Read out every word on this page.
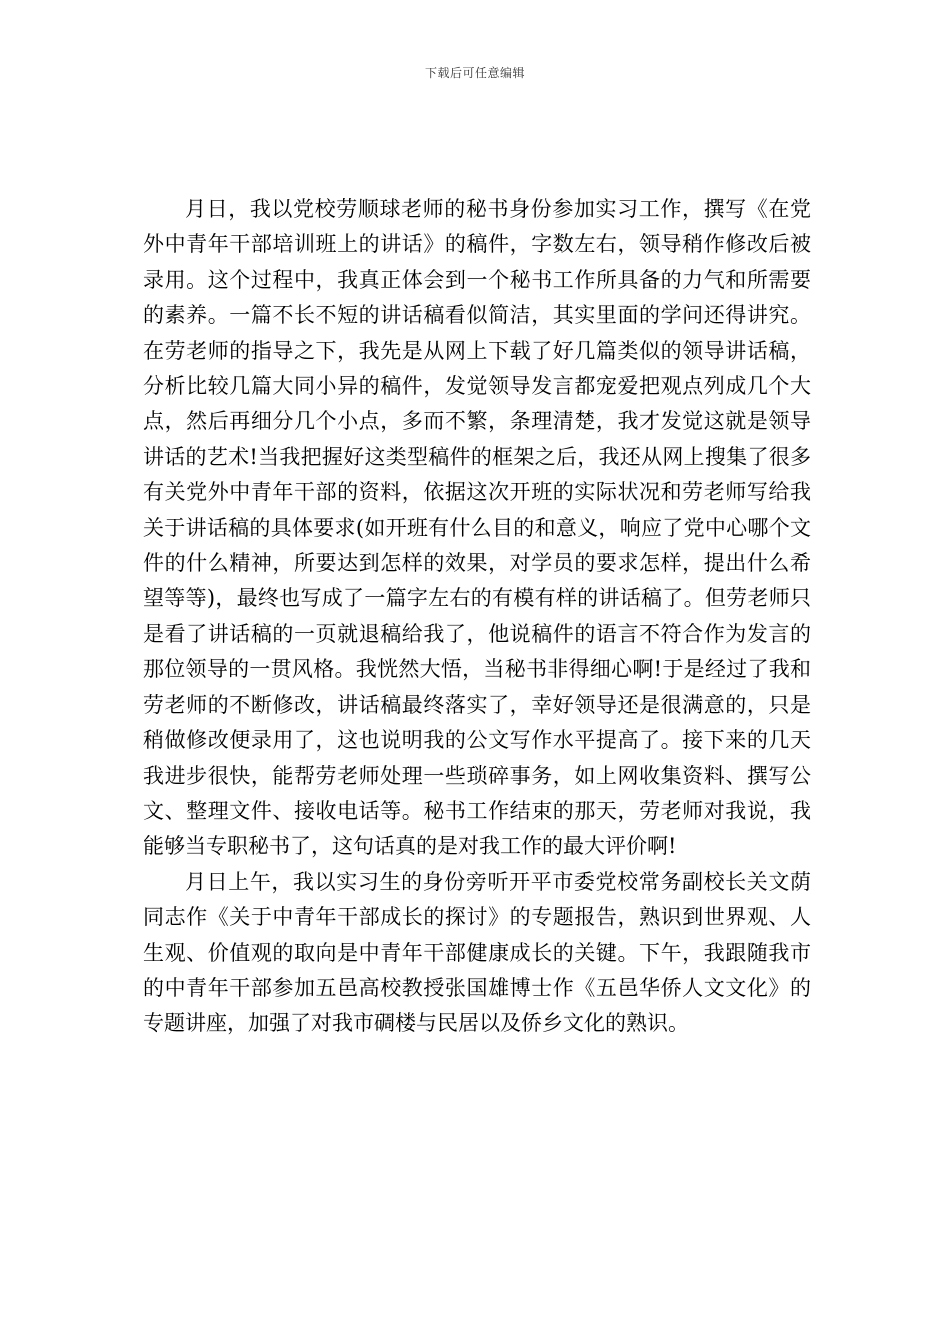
下载后可任意编辑

月日，我以党校劳顺球老师的秘书身份参加实习工作，撰写《在党外中青年干部培训班上的讲话》的稿件，字数左右，领导稍作修改后被录用。这个过程中，我真正体会到一个秘书工作所具备的力气和所需要的素养。一篇不长不短的讲话稿看似简洁，其实里面的学问还得讲究。在劳老师的指导之下，我先是从网上下载了好几篇类似的领导讲话稿，分析比较几篇大同小异的稿件，发觉领导发言都宠爱把观点列成几个大点，然后再细分几个小点，多而不繁，条理清楚，我才发觉这就是领导讲话的艺术!当我把握好这类型稿件的框架之后，我还从网上搜集了很多有关党外中青年干部的资料，依据这次开班的实际状况和劳老师写给我关于讲话稿的具体要求(如开班有什么目的和意义，响应了党中心哪个文件的什么精神，所要达到怎样的效果，对学员的要求怎样，提出什么希望等等)，最终也写成了一篇字左右的有模有样的讲话稿了。但劳老师只是看了讲话稿的一页就退稿给我了，他说稿件的语言不符合作为发言的那位领导的一贯风格。我恍然大悟，当秘书非得细心啊!于是经过了我和劳老师的不断修改，讲话稿最终落实了，幸好领导还是很满意的，只是稍做修改便录用了，这也说明我的公文写作水平提高了。接下来的几天我进步很快，能帮劳老师处理一些琐碎事务，如上网收集资料、撰写公文、整理文件、接收电话等。秘书工作结束的那天，劳老师对我说，我能够当专职秘书了，这句话真的是对我工作的最大评价啊!

月日上午，我以实习生的身份旁听开平市委党校常务副校长关文荫同志作《关于中青年干部成长的探讨》的专题报告，熟识到世界观、人生观、价值观的取向是中青年干部健康成长的关键。下午，我跟随我市的中青年干部参加五邑高校教授张国雄博士作《五邑华侨人文文化》的专题讲座，加强了对我市碉楼与民居以及侨乡文化的熟识。
